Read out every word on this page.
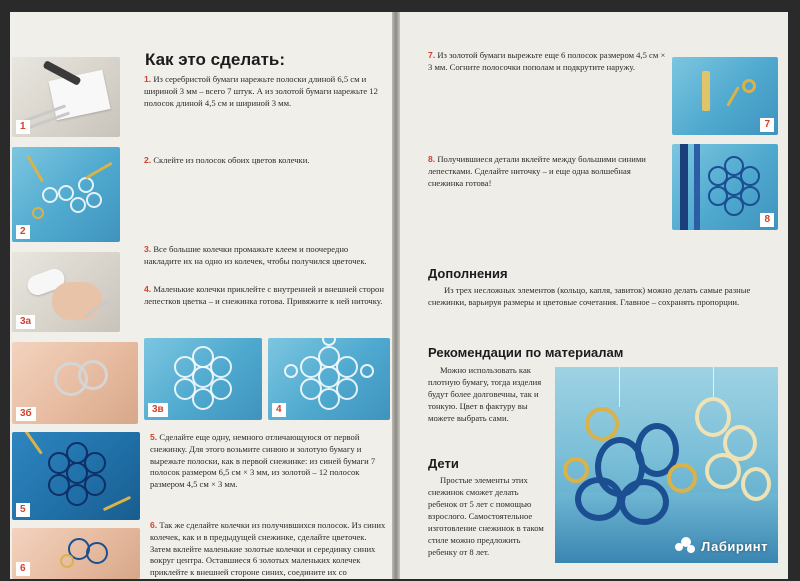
1
2
3а
3б	3в	4
5
6
Как это сделать:
1. Из серебристой бумаги нарежьте полоски длиной 6,5 см и шириной 3 мм – всего 7 штук. А из золотой бумаги нарежьте 12 полосок длиной 4,5 см и шириной 3 мм.
2. Склейте из полосок обоих цветов колечки.
3. Все большие колечки промажьте клеем и поочередно накладите их на одно из колечек, чтобы получился цветочек.
4. Маленькие колечки приклейте с внутренней и внешней сторон лепестков цветка – и снежинка готова. Привяжите к ней ниточку.
5. Сделайте еще одну, немного отличающуюся от первой снежинку. Для этого возьмите синюю и золотую бумагу и вырежьте полоски, как в первой снежинке: из синей бумаги 7 полосок размером 6,5 см × 3 мм, из золотой – 12 полосок размером 4,5 см × 3 мм.
6. Так же сделайте колечки из получившихся полосок. Из синих колечек, как и в предыдущей снежинке, сделайте цветочек. Затем вклейте маленькие золотые колечки и серединку синих вокруг центра. Оставшиеся 6 золотых маленьких колечек приклейте к внешней стороне синих, соедините их со
7. Из золотой бумаги вырежьте еще 6 полосок размером 4,5 см × 3 мм. Согните полосочки пополам и подкрутите наружу.
8. Получившиеся детали вклейте между большими синими лепестками. Сделайте ниточку – и еще одна волшебная снежинка готова!
7
8
Дополнения
Из трех несложных элементов (кольцо, капля, завиток) можно делать самые разные снежинки, варьируя размеры и цветовые сочетания. Главное – сохранять пропорции.
Рекомендации по материалам
Можно использовать как плотную бумагу, тогда изделия будут более долговечны, так и тонкую. Цвет в фактуру вы можете выбрать сами.
Дети
Простые элементы этих снежинок сможет делать ребенок от 5 лет с помощью взрослого. Самостоятельное изготовление снежинок в таком стиле можно предложить ребенку от 8 лет.	Лабиринт
